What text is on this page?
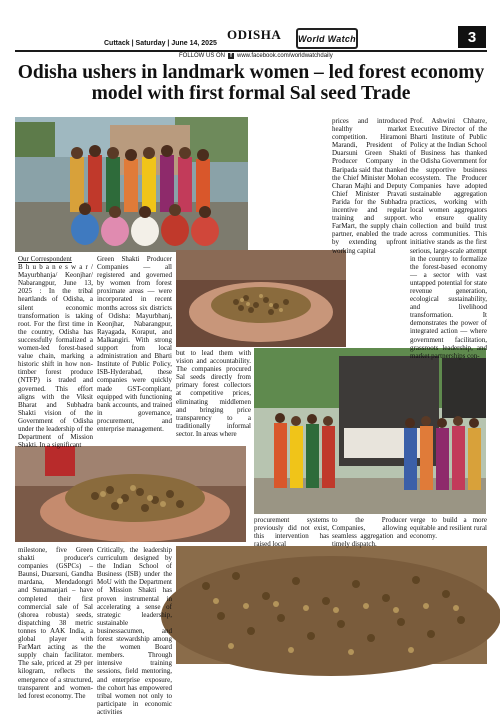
Cuttack | Saturday | June 14, 2025
ODISHA World Watch	3
FOLLOW US ON f www.facebook.com/worldwatchdaily
Odisha ushers in landmark women – led forest economy model with first formal Sal seed Trade
Our Correspondent
B h u b a n e s w a r / Mayurbhanja/ Keonjhar/ Nabarangpur, June 13, 2025 : In the tribal heartlands of Odisha, a silent economic transformation is taking root. For the first time in the country, Odisha has successfully formalized a women-led forest-based value chain, marking a historic shift in how non-timber forest produce (NTFP) is traded and governed. This effort aligns with the Viksit Bharat and Subhadra Shakti vision of the Government of Odisha under the leadership of the Department of Mission Shakti. In a significant
Green Shakti Producer Companies — all registered and governed by women from forest proximate areas — were incorporated in recent months across six districts of Odisha: Mayurbhanj, Keonjhar, Nabarangpur, Rayagada, Koraput, and Malkangiri. With strong support from local administration and Bharti Institute of Public Policy, ISB-Hyderabad, these companies were quickly made GST-compliant, equipped with functioning bank accounts, and trained in governance, procurement, and enterprise management.
but to lead them with vision and accountability. The companies procured Sal seeds directly from primary forest collectors at competitive prices, eliminating middlemen and bringing price transparency to a traditionally informal sector. In areas where
prices and introduced healthy market competition. Hiramoni Marandi, President of Duarsuni Green Shakti Producer Company in Baripada said that thanked the Chief Minister Mohan Charan Majhi and Deputy Chief Minister Pravati Parida for the Subhadra incentive and regular training and support. FarMart, the supply chain partner, enabled the trade by extending upfront working capital
Prof. Ashwini Chhatre, Executive Director of the Bharti Institute of Public Policy at the Indian School of Business has thanked the Odisha Government for the supportive business ecosystem. The Producer Companies have adopted sustainable aggregation practices, working with local women aggregators who ensure quality collection and build trust across communities. This initiative stands as the first serious, large-scale attempt in the country to formalize the forest-based economy — a sector with vast untapped potential for state revenue generation, ecological sustainability, and livelihood transformation. It demonstrates the power of integrated action — where government facilitation, grassroots leadership, and market partnerships con-
milestone, five Green shakti producer's companies (GSPCs) – Baunsi, Duarsuni, Gandha mardana, Mendadongri and Sunamanjari – have completed their first commercial sale of Sal (shorea robusta) seeds, dispatching 38 metric tonnes to AAK India, a global player with FarMart acting as the supply chain facilitator. The sale, priced at 29 per kilogram, reflects the emergence of a structured, transparent and women-led forest economy. The
Critically, the leadership curriculum designed by the Indian School of Business (ISB) under the MoU with the Department of Mission Shakti has proven instrumental in accelerating a sense of strategic leadership, sustainable businessacumen, and forest stewardship among the women Board members. Through intensive training sessions, field mentoring, and enterprise exposure, the cohort has empowered tribal women not only to participate in economic activities
procurement systems previously did not exist, this intervention has raised local
to the Producer Companies, allowing seamless aggregation and timely dispatch.
verge to build a more equitable and resilient rural economy.
